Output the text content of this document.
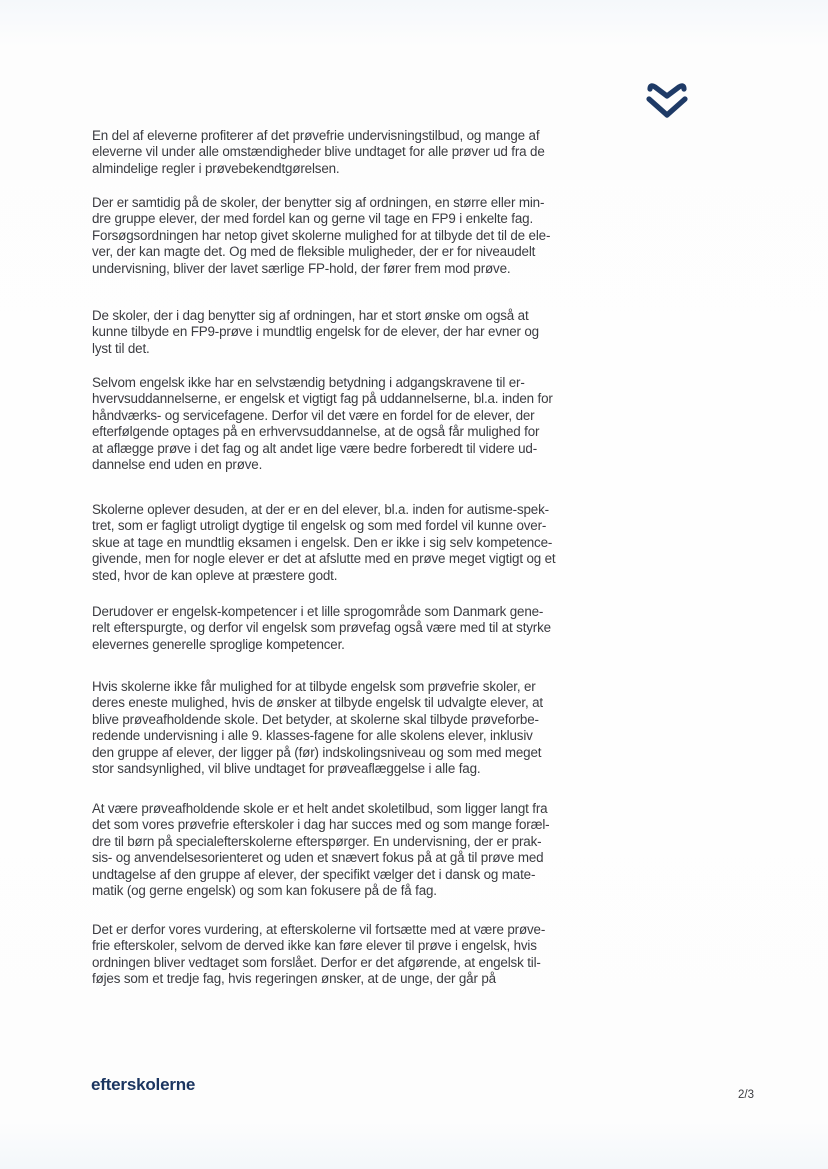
En del af eleverne profiterer af det prøvefrie undervisningstilbud, og mange af
eleverne vil under alle omstændigheder blive undtaget for alle prøver ud fra de
almindelige regler i prøvebekendtgørelsen.

Der er samtidig på de skoler, der benytter sig af ordningen, en større eller min-
dre gruppe elever, der med fordel kan og gerne vil tage en FP9 i enkelte fag.
Forsøgsordningen har netop givet skolerne mulighed for at tilbyde det til de ele-
ver, der kan magte det. Og med de fleksible muligheder, der er for niveaudelt
undervisning, bliver der lavet særlige FP-hold, der fører frem mod prøve.

De skoler, der i dag benytter sig af ordningen, har et stort ønske om også at
kunne tilbyde en FP9-prøve i mundtlig engelsk for de elever, der har evner og
lyst til det.

Selvom engelsk ikke har en selvstændig betydning i adgangskravene til er-
hvervsuddannelserne, er engelsk et vigtigt fag på uddannelserne, bl.a. inden for
håndværks- og servicefagene. Derfor vil det være en fordel for de elever, der
efterfølgende optages på en erhvervsuddannelse, at de også får mulighed for
at aflægge prøve i det fag og alt andet lige være bedre forberedt til videre ud-
dannelse end uden en prøve.

Skolerne oplever desuden, at der er en del elever, bl.a. inden for autisme-spek-
tret, som er fagligt utroligt dygtige til engelsk og som med fordel vil kunne over-
skue at tage en mundtlig eksamen i engelsk. Den er ikke i sig selv kompetence-
givende, men for nogle elever er det at afslutte med en prøve meget vigtigt og et
sted, hvor de kan opleve at præstere godt.

Derudover er engelsk-kompetencer i et lille sprogområde som Danmark gene-
relt efterspurgte, og derfor vil engelsk som prøvefag også være med til at styrke
elevernes generelle sproglige kompetencer.

Hvis skolerne ikke får mulighed for at tilbyde engelsk som prøvefrie skoler, er
deres eneste mulighed, hvis de ønsker at tilbyde engelsk til udvalgte elever, at
blive prøveafholdende skole. Det betyder, at skolerne skal tilbyde prøveforbe-
redende undervisning i alle 9. klasses-fagene for alle skolens elever, inklusiv
den gruppe af elever, der ligger på (før) indskolingsniveau og som med meget
stor sandsynlighed, vil blive undtaget for prøveaflæggelse i alle fag.

At være prøveafholdende skole er et helt andet skoletilbud, som ligger langt fra
det som vores prøvefrie efterskoler i dag har succes med og som mange foræl-
dre til børn på specialefterskolerne efterspørger. En undervisning, der er prak-
sis- og anvendelsesorienteret og uden et snævert fokus på at gå til prøve med
undtagelse af den gruppe af elever, der specifikt vælger det i dansk og mate-
matik (og gerne engelsk) og som kan fokusere på de få fag.

Det er derfor vores vurdering, at efterskolerne vil fortsætte med at være prøve-
frie efterskoler, selvom de derved ikke kan føre elever til prøve i engelsk, hvis
ordningen bliver vedtaget som forslået. Derfor er det afgørende, at engelsk til-
føjes som et tredje fag, hvis regeringen ønsker, at de unge, der går på

efterskolerne
2/3
